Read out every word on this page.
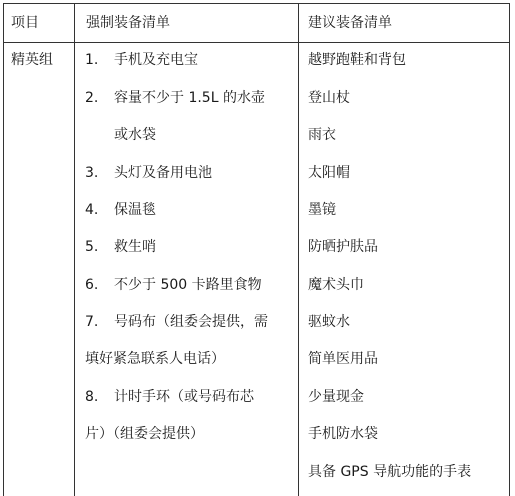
项目	强制装备清单	建议装备清单
精英组 1. 手机及充电宝
2. 容量不少于 1.5L 的水壶
或水袋
3. 头灯及备用电池
4. 保温毯
5. 救生哨
6. 不少于 500 卡路里食物
7. 号码布（组委会提供，需
填好紧急联系人电话）
8. 计时手环（或号码布芯
片）（组委会提供）
越野跑鞋和背包
登山杖
雨衣
太阳帽
墨镜
防晒护肤品
魔术头巾
驱蚊水
简单医用品
少量现金
手机防水袋
具备 GPS 导航功能的手表
